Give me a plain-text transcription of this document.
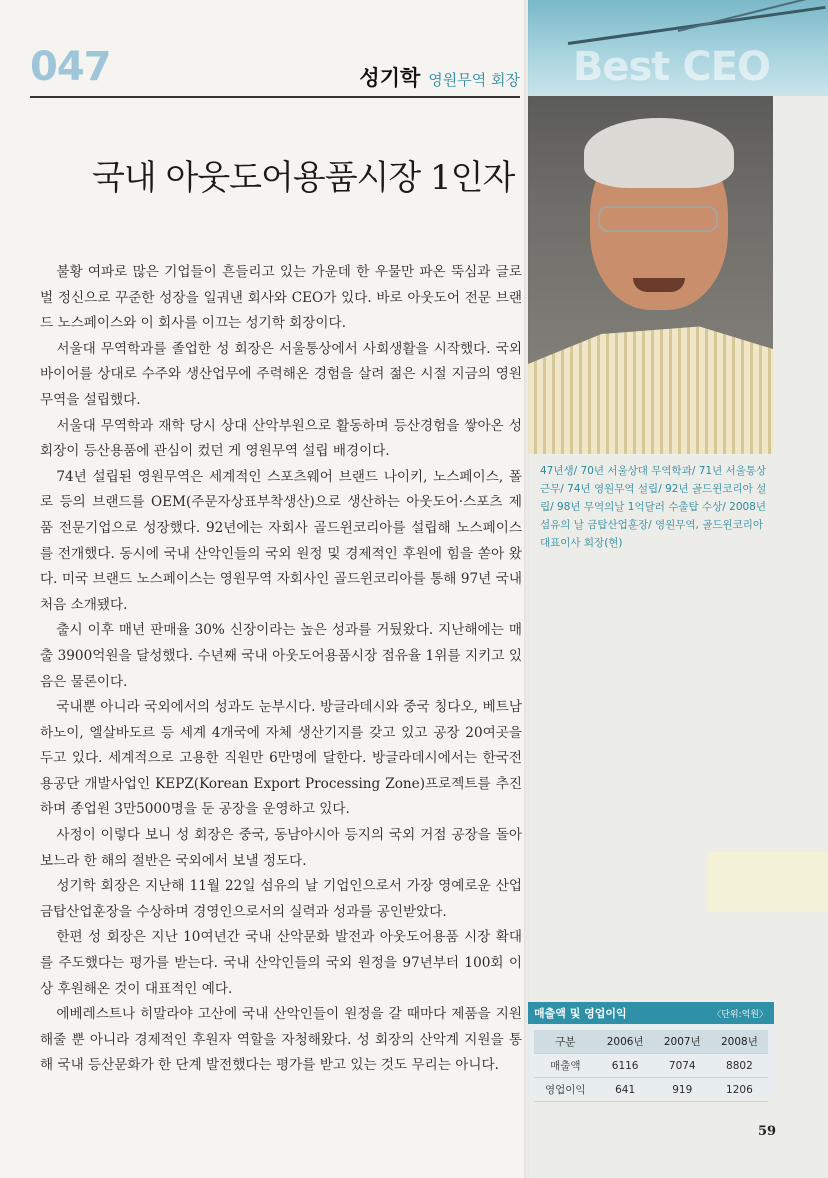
Best CEO
047	성기학 영원무역 회장
국내 아웃도어용품시장 1인자

불황 여파로 많은 기업들이 흔들리고 있는 가운데 한 우물만 파온 뚝심과 글로벌 정신으로 꾸준한 성장을 일궈낸 회사와 CEO가 있다. 바로 아웃도어 전문 브랜드 노스페이스와 이 회사를 이끄는 성기학 회장이다.

서울대 무역학과를 졸업한 성 회장은 서울통상에서 사회생활을 시작했다. 국외 바이어를 상대로 수주와 생산업무에 주력해온 경험을 살려 젊은 시절 지금의 영원무역을 설립했다.

서울대 무역학과 재학 당시 상대 산악부원으로 활동하며 등산경험을 쌓아온 성 회장이 등산용품에 관심이 컸던 게 영원무역 설립 배경이다.

74년 설립된 영원무역은 세계적인 스포츠웨어 브랜드 나이키, 노스페이스, 폴로 등의 브랜드를 OEM(주문자상표부착생산)으로 생산하는 아웃도어·스포츠 제품 전문기업으로 성장했다. 92년에는 자회사 골드윈코리아를 설립해 노스페이스를 전개했다. 동시에 국내 산악인들의 국외 원정 및 경제적인 후원에 힘을 쏟아 왔다. 미국 브랜드 노스페이스는 영원무역 자회사인 골드윈코리아를 통해 97년 국내 처음 소개됐다.

출시 이후 매년 판매율 30% 신장이라는 높은 성과를 거뒀왔다. 지난해에는 매출 3900억원을 달성했다. 수년째 국내 아웃도어용품시장 점유율 1위를 지키고 있음은 물론이다.

국내뿐 아니라 국외에서의 성과도 눈부시다. 방글라데시와 중국 칭다오, 베트남 하노이, 엘살바도르 등 세계 4개국에 자체 생산기지를 갖고 있고 공장 20여곳을 두고 있다. 세계적으로 고용한 직원만 6만명에 달한다. 방글라데시에서는 한국전용공단 개발사업인 KEPZ(Korean Export Processing Zone)프로젝트를 추진하며 종업원 3만5000명을 둔 공장을 운영하고 있다.

사정이 이렇다 보니 성 회장은 중국, 동남아시아 등지의 국외 거점 공장을 돌아보느라 한 해의 절반은 국외에서 보낼 정도다.

성기학 회장은 지난해 11월 22일 섬유의 날 기업인으로서 가장 영예로운 산업 금탑산업훈장을 수상하며 경영인으로서의 실력과 성과를 공인받았다.

한편 성 회장은 지난 10여년간 국내 산악문화 발전과 아웃도어용품 시장 확대를 주도했다는 평가를 받는다. 국내 산악인들의 국외 원정을 97년부터 100회 이상 후원해온 것이 대표적인 예다.

에베레스트나 히말라야 고산에 국내 산악인들이 원정을 갈 때마다 제품을 지원해줄 뿐 아니라 경제적인 후원자 역할을 자청해왔다. 성 회장의 산악계 지원을 통해 국내 등산문화가 한 단계 발전했다는 평가를 받고 있는 것도 무리는 아니다.

47년생/ 70년 서울상대 무역학과/ 71년 서울통상 근무/ 74년 영원무역 설립/ 92년 골드윈코리아 설립/ 98년 무역의날 1억달러 수출탑 수상/ 2008년 섬유의 날 금탑산업훈장/ 영원무역, 골드윈코리아 대표이사 회장(현)
매출액 및 영업이익	〈단위:억원〉
구분	2006년	2007년	2008년
매출액	6116	7074	8802
영업이익	641	919	1206
59
